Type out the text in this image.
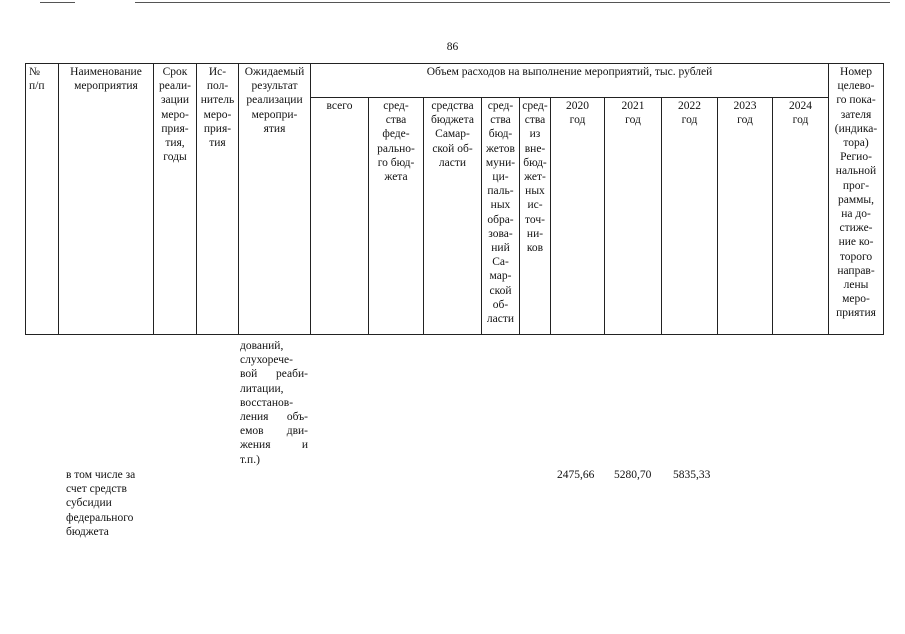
86
№
п/п
Наименование
мероприятия
Срок
реали-
зации
меро-
прия-
тия,
годы
Ис-
пол-
нитель
меро-
прия-
тия
Ожидаемый
результат
реализации
меропри-
ятия
Объем расходов на выполнение мероприятий, тыс. рублей	Номер
целево-
го пока-
зателя
(индика-
тора)
Регио-
нальной
прог-
раммы,
на до-
стиже-
ние ко-
торого
направ-
лены
меро-
приятия
всего	сред-
ства
феде-
рально-
го бюд-
жета
средства
бюджета
Самар-
ской об-
ласти
сред-
ства
бюд-
жетов
муни-
ци-
паль-
ных
обра-
зова-
ний
Са-
мар-
ской
об-
ласти
сред-
ства
из
вне-
бюд-
жет-
ных
ис-
точ-
ни-
ков
2020
год
2021
год
2022
год
2023
год
2024
год
дований,
слухорече-
вой реаби-
литации,
восстанов-
ления объ-
емов дви-
жения и
т.п.)
в том числе за
счет средств
субсидии
федерального
бюджета
2475,66 5280,70 5835,33
